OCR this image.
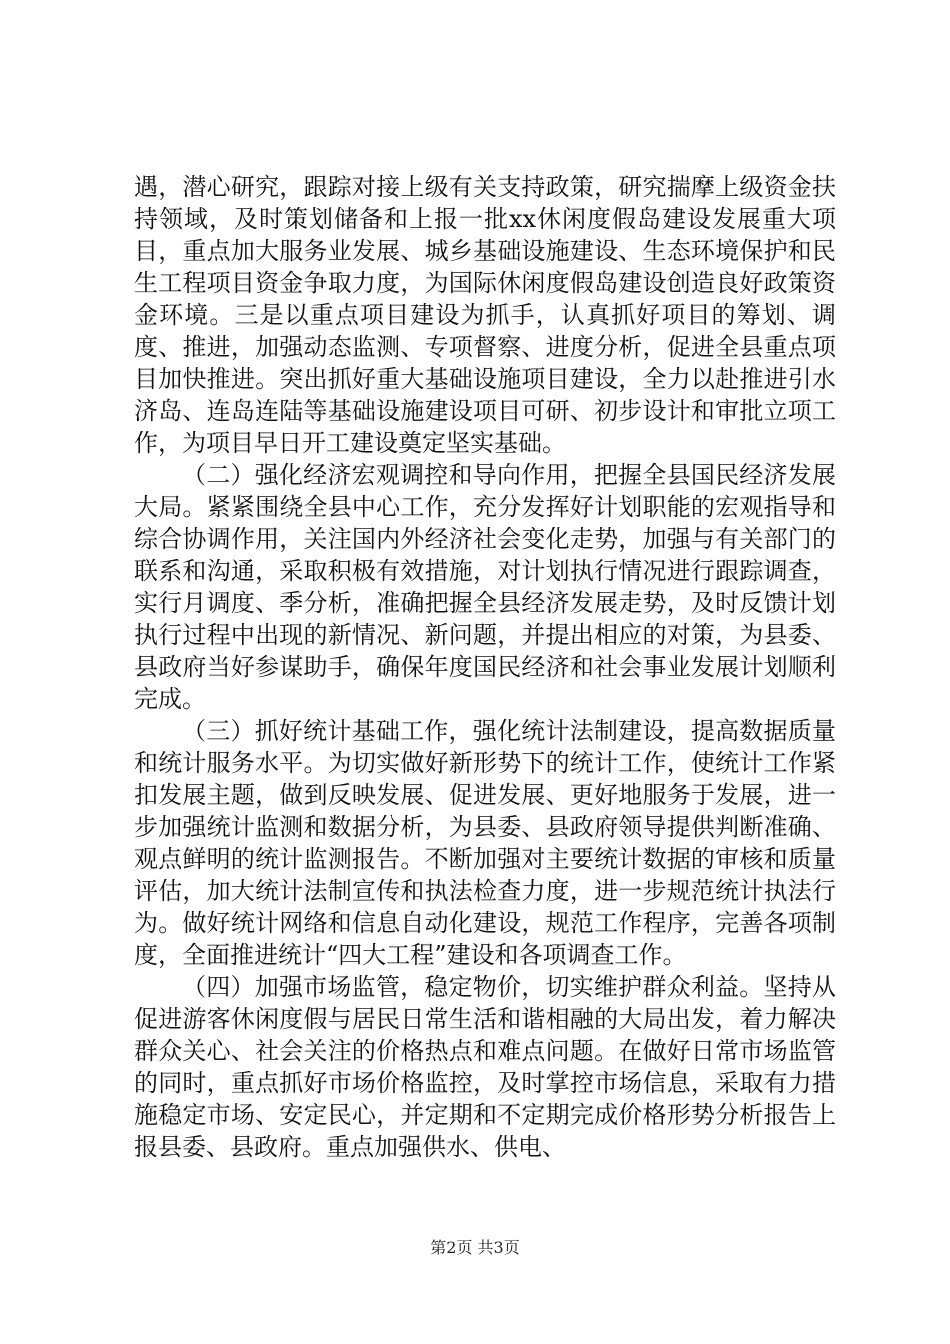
遇，潜心研究，跟踪对接上级有关支持政策，研究揣摩上级资金扶持领域，及时策划储备和上报一批xx休闲度假岛建设发展重大项目，重点加大服务业发展、城乡基础设施建设、生态环境保护和民生工程项目资金争取力度，为国际休闲度假岛建设创造良好政策资金环境。三是以重点项目建设为抓手，认真抓好项目的筹划、调度、推进，加强动态监测、专项督察、进度分析，促进全县重点项目加快推进。突出抓好重大基础设施项目建设，全力以赴推进引水济岛、连岛连陆等基础设施建设项目可研、初步设计和审批立项工作，为项目早日开工建设奠定坚实基础。

（二）强化经济宏观调控和导向作用，把握全县国民经济发展大局。紧紧围绕全县中心工作，充分发挥好计划职能的宏观指导和综合协调作用，关注国内外经济社会变化走势，加强与有关部门的联系和沟通，采取积极有效措施，对计划执行情况进行跟踪调查，实行月调度、季分析，准确把握全县经济发展走势，及时反馈计划执行过程中出现的新情况、新问题，并提出相应的对策，为县委、县政府当好参谋助手，确保年度国民经济和社会事业发展计划顺利完成。

（三）抓好统计基础工作，强化统计法制建设，提高数据质量和统计服务水平。为切实做好新形势下的统计工作，使统计工作紧扣发展主题，做到反映发展、促进发展、更好地服务于发展，进一步加强统计监测和数据分析，为县委、县政府领导提供判断准确、观点鲜明的统计监测报告。不断加强对主要统计数据的审核和质量评估，加大统计法制宣传和执法检查力度，进一步规范统计执法行为。做好统计网络和信息自动化建设，规范工作程序，完善各项制度，全面推进统计“四大工程”建设和各项调查工作。

（四）加强市场监管，稳定物价，切实维护群众利益。坚持从促进游客休闲度假与居民日常生活和谐相融的大局出发，着力解决群众关心、社会关注的价格热点和难点问题。在做好日常市场监管的同时，重点抓好市场价格监控，及时掌控市场信息，采取有力措施稳定市场、安定民心，并定期和不定期完成价格形势分析报告上报县委、县政府。重点加强供水、供电、

第2页 共3页
